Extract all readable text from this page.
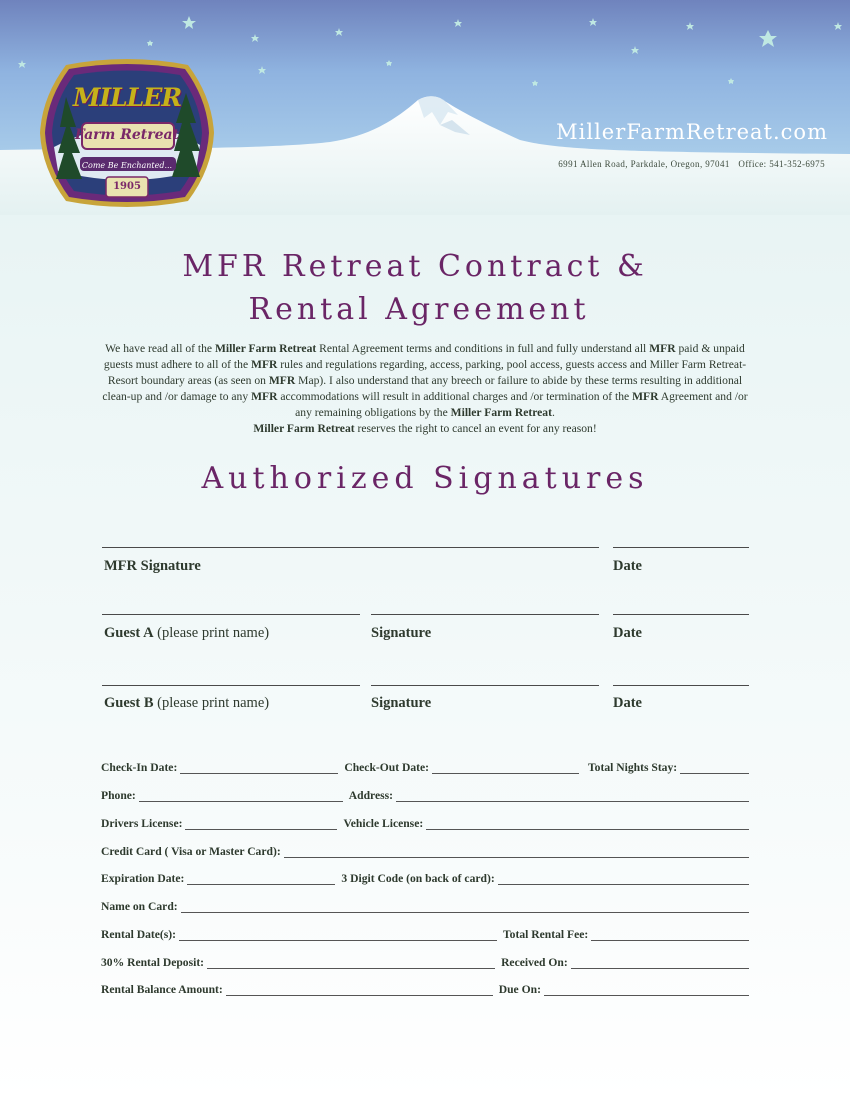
MillerFarmRetreat.com
6991 Allen Road, Parkdale, Oregon, 97041 Office: 541-352-6975
MILLER
Farm Retreat
Come Be Enchanted...
1905
MFR Retreat Contract &
Rental Agreement
We have read all of the Miller Farm Retreat Rental Agreement terms and conditions in full and fully understand all MFR paid & unpaid guests must adhere to all of the MFR rules and regulations regarding, access, parking, pool access, guests access and Miller Farm Retreat-Resort boundary areas (as seen on MFR Map). I also understand that any breech or failure to abide by these terms resulting in additional clean-up and /or damage to any MFR accommodations will result in additional charges and /or termination of the MFR Agreement and /or any remaining obligations by the Miller Farm Retreat.
Miller Farm Retreat reserves the right to cancel an event for any reason!
Authorized Signatures
MFR Signature	Date
Guest A (please print name)	Signature	Date
Guest B (please print name)	Signature	Date
Check-In Date:	Check-Out Date:	Total Nights Stay:
Phone:	Address:
Drivers License:	Vehicle License:
Credit Card ( Visa or Master Card):
Expiration Date:	3 Digit Code (on back of card):
Name on Card:
Rental Date(s):	Total Rental Fee:
30% Rental Deposit:	Received On:
Rental Balance Amount:	Due On:
